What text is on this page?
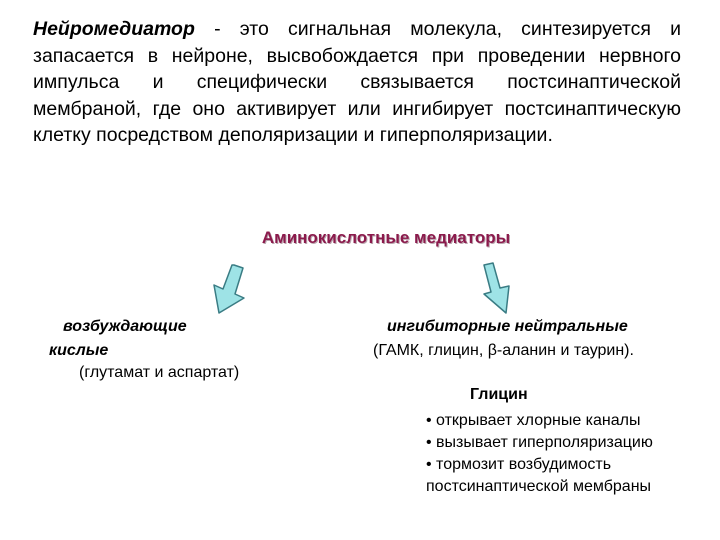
Нейромедиатор - это сигнальная молекула, синтезируется и запасается в нейроне, высвобождается при проведении нервного импульса и специфически связывается постсинаптической мембраной, где оно активирует или ингибирует постсинаптическую клетку посредством деполяризации и гиперполяризации.

Аминокислотные медиаторы
возбуждающие
кислые
(глутамат и аспартат)
ингибиторные нейтральные
(ГАМК, глицин, β-аланин и таурин).
Глицин
• открывает хлорные каналы
• вызывает гиперполяризацию
• тормозит возбудимость постсинаптической мембраны
